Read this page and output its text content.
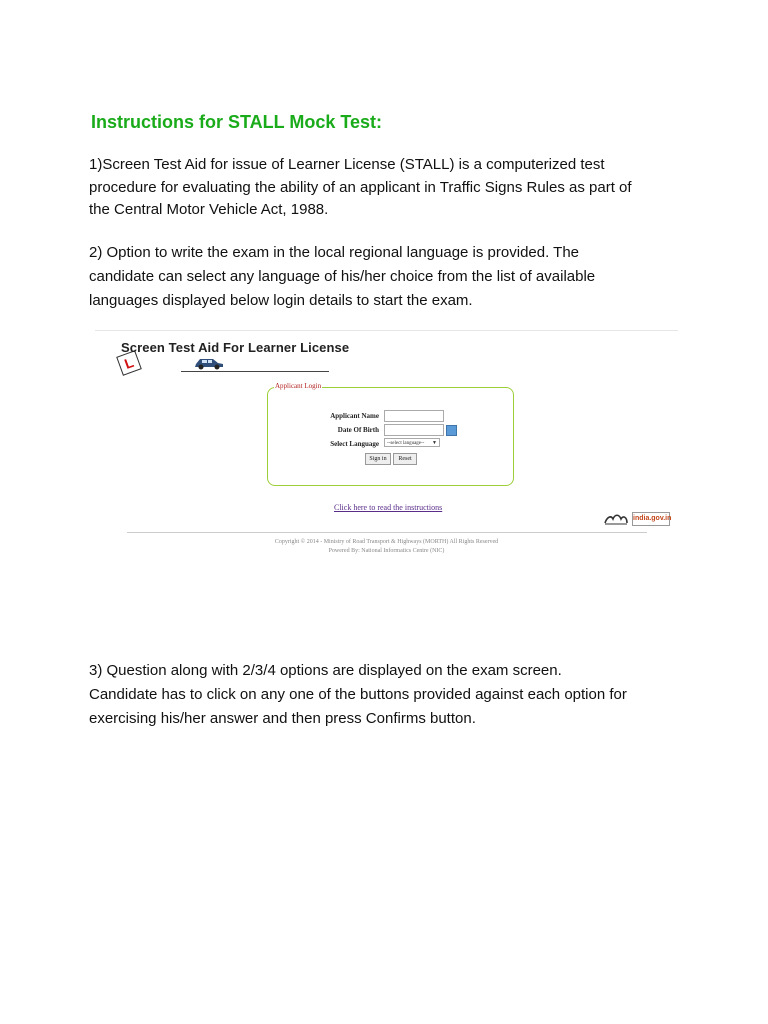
Instructions for STALL Mock Test:

1)Screen Test Aid for issue of Learner License (STALL) is a computerized test
procedure for evaluating the ability of an applicant in Traffic Signs Rules as part of
the Central Motor Vehicle Act, 1988.

2) Option to write the exam in the local regional language is provided. The
candidate can select any language of his/her choice from the list of available
languages displayed below login details to start the exam.

L
Screen Test Aid For Learner License
Applicant Login
Applicant Name
Date Of Birth
Select Language	--select language-- ▼
Sign in	Reset
Click here to read the instructions
india.gov.in
Copyright © 2014 - Ministry of Road Transport & Highways (MORTH) All Rights Reserved
Powered By: National Informatics Centre (NIC)

3) Question along with 2/3/4 options are displayed on the exam screen.
Candidate has to click on any one of the buttons provided against each option for
exercising his/her answer and then press Confirms button.
